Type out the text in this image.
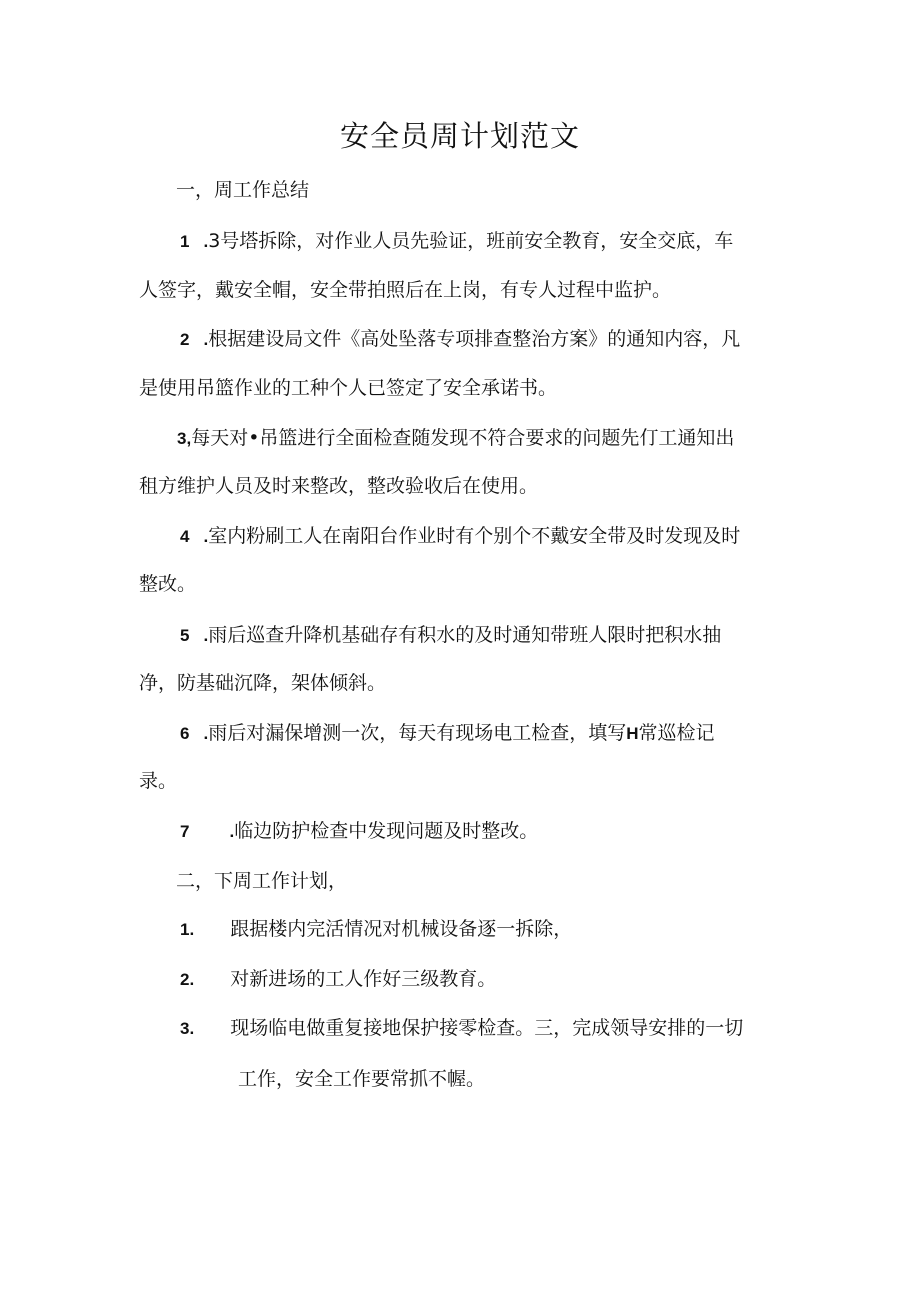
安全员周计划范文
一，周工作总结
1 .3号塔拆除，对作业人员先验证，班前安全教育，安全交底，车
人签字，戴安全帽，安全带拍照后在上岗，有专人过程中监护。
2 .根据建设局文件《高处坠落专项排查整治方案》的通知内容，凡
是使用吊篮作业的工种个人已签定了安全承诺书。
3,每天对•吊篮进行全面检查随发现不符合要求的问题先仃工通知出
租方维护人员及时来整改，整改验收后在使用。
4 .室内粉刷工人在南阳台作业时有个别个不戴安全带及时发现及时
整改。
5 .雨后巡查升降机基础存有积水的及时通知带班人限时把积水抽
净，防基础沉降，架体倾斜。
6 .雨后对漏保增测一次，每天有现场电工检查，填写H常巡检记
录。
7 .临边防护检查中发现问题及时整改。
二，下周工作计划，
1. 跟据楼内完活情况对机械设备逐一拆除，
2. 对新进场的工人作好三级教育。
3. 现场临电做重复接地保护接零检查。三，完成领导安排的一切
工作，安全工作要常抓不幄。
